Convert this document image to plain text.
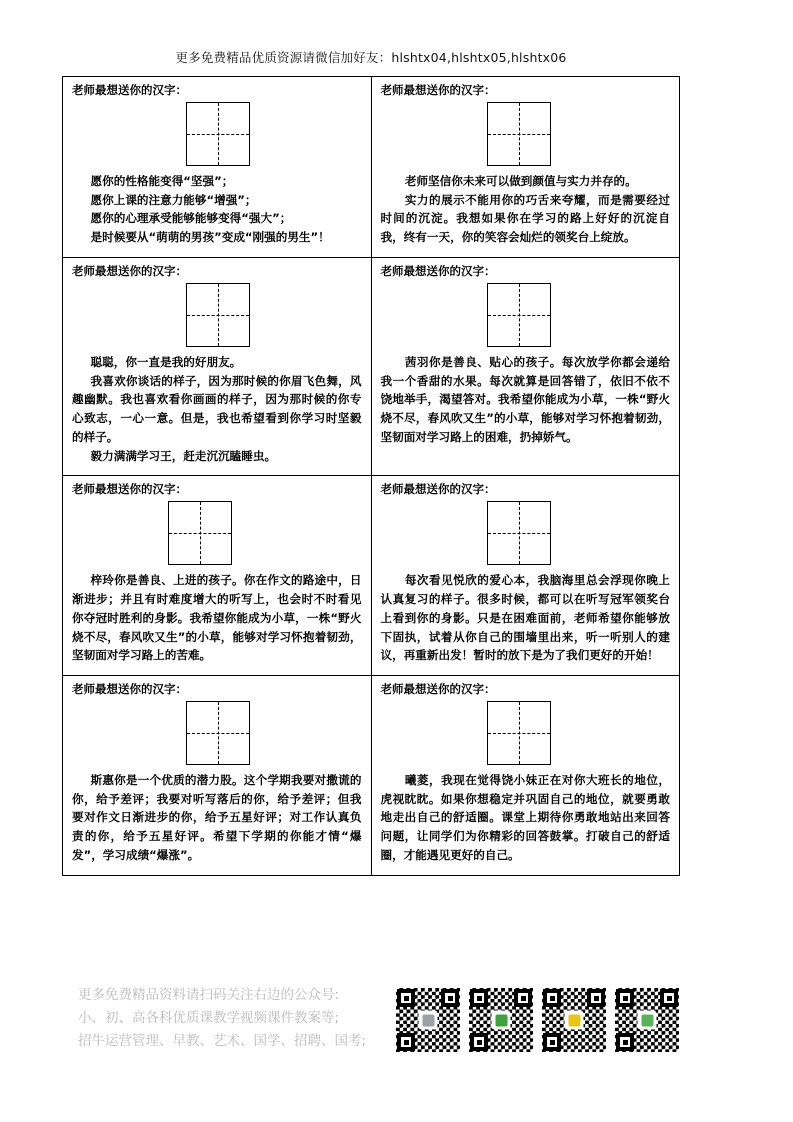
更多免费精品优质资源请微信加好友：hlshtx04,hlshtx05,hlshtx06
老师最想送你的汉字：

愿你的性格能变得“坚强”；

愿你上课的注意力能够“增强”；

愿你的心理承受能够能够变得“强大”；

是时候要从“萌萌的男孩”变成“刚强的男生”！

老师最想送你的汉字：

老师坚信你未来可以做到颜值与实力并存的。

实力的展示不能用你的巧舌来夸耀，而是需要经过时间的沉淀。我想如果你在学习的路上好好的沉淀自我，终有一天，你的笑容会灿烂的领奖台上绽放。

老师最想送你的汉字：

聪聪，你一直是我的好朋友。

我喜欢你谈话的样子，因为那时候的你眉飞色舞，风趣幽默。我也喜欢看你画画的样子，因为那时候的你专心致志，一心一意。但是，我也希望看到你学习时坚毅的样子。

毅力满满学习王，赶走沉沉瞌睡虫。

老师最想送你的汉字：

茜羽你是善良、贴心的孩子。每次放学你都会递给我一个香甜的水果。每次就算是回答错了，依旧不依不饶地举手，渴望答对。我希望你能成为小草，一株“野火烧不尽，春风吹又生”的小草，能够对学习怀抱着韧劲，坚韧面对学习路上的困难，扔掉娇气。

老师最想送你的汉字：

梓玲你是善良、上进的孩子。你在作文的路途中，日渐进步；并且有时难度增大的听写上，也会时不时看见你夺冠时胜利的身影。我希望你能成为小草，一株“野火烧不尽，春风吹又生”的小草，能够对学习怀抱着韧劲，坚韧面对学习路上的苦难。

老师最想送你的汉字：

每次看见悦欣的爱心本，我脑海里总会浮现你晚上认真复习的样子。很多时候，都可以在听写冠军领奖台上看到你的身影。只是在困难面前，老师希望你能够放下固执，试着从你自己的围墙里出来，听一听别人的建议，再重新出发！暂时的放下是为了我们更好的开始！

老师最想送你的汉字：

斯惠你是一个优质的潜力股。这个学期我要对撒谎的你，给予差评；我要对听写落后的你，给予差评；但我要对作文日渐进步的你，给予五星好评；对工作认真负责的你，给予五星好评。希望下学期的你能才情“爆发”，学习成绩“爆涨”。

老师最想送你的汉字：

曦菱，我现在觉得饶小妹正在对你大班长的地位，虎视眈眈。如果你想稳定并巩固自己的地位，就要勇敢地走出自己的舒适圈。课堂上期待你勇敢地站出来回答问题，让同学们为你精彩的回答鼓掌。打破自己的舒适圈，才能遇见更好的自己。

更多免费精品资料请扫码关注右边的公众号:
小、初、高各科优质课教学视频课件教案等;
招牛运营管理、早教、艺术、国学、招聘、国考;
